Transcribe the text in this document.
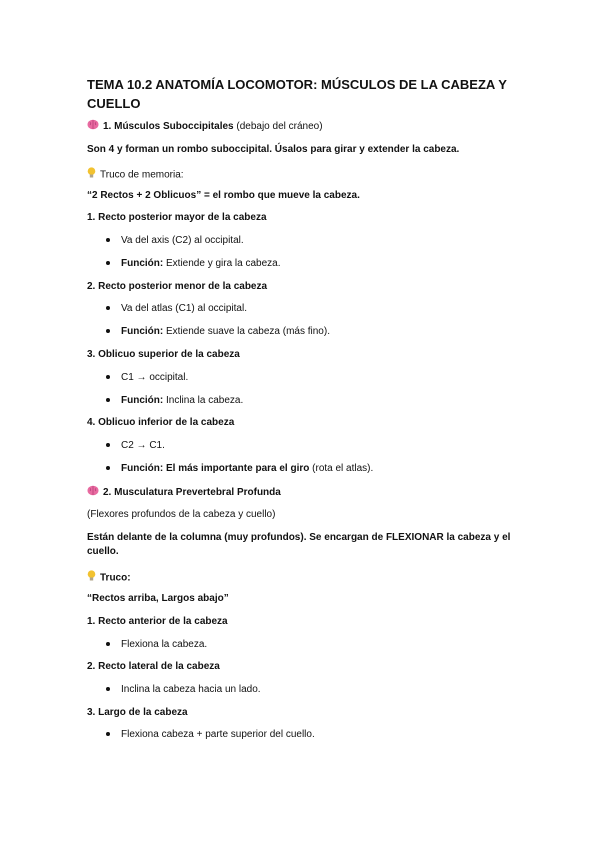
TEMA 10.2 ANATOMÍA LOCOMOTOR: MÚSCULOS DE LA CABEZA Y CUELLO
1. Músculos Suboccipitales (debajo del cráneo)
Son 4 y forman un rombo suboccipital. Úsalos para girar y extender la cabeza.
Truco de memoria:
“2 Rectos + 2 Oblicuos” = el rombo que mueve la cabeza.
1. Recto posterior mayor de la cabeza
Va del axis (C2) al occipital.
Función: Extiende y gira la cabeza.
2. Recto posterior menor de la cabeza
Va del atlas (C1) al occipital.
Función: Extiende suave la cabeza (más fino).
3. Oblicuo superior de la cabeza
C1 → occipital.
Función: Inclina la cabeza.
4. Oblicuo inferior de la cabeza
C2 → C1.
Función: El más importante para el giro (rota el atlas).
2. Musculatura Prevertebral Profunda
(Flexores profundos de la cabeza y cuello)
Están delante de la columna (muy profundos). Se encargan de FLEXIONAR la cabeza y el
cuello.
Truco:
“Rectos arriba, Largos abajo”
1. Recto anterior de la cabeza
Flexiona la cabeza.
2. Recto lateral de la cabeza
Inclina la cabeza hacia un lado.
3. Largo de la cabeza
Flexiona cabeza + parte superior del cuello.
